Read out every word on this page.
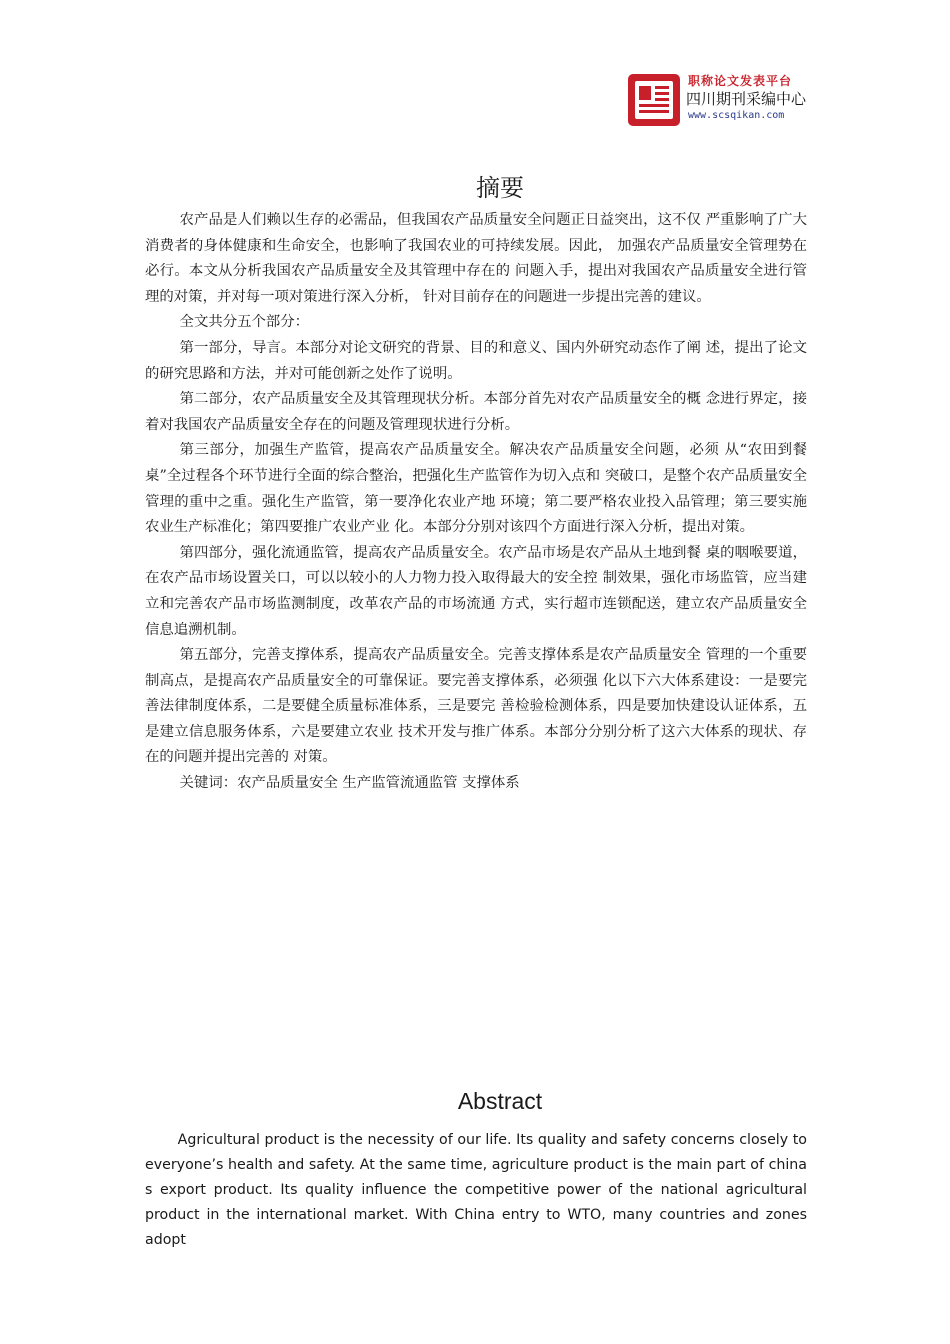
职称论文发表平台
四川期刊采编中心
www.scsqikan.com
摘要

农产品是人们赖以生存的必需品，但我国农产品质量安全问题正日益突出，这不仅 严重影响了广大消费者的身体健康和生命安全，也影响了我国农业的可持续发展。因此， 加强农产品质量安全管理势在必行。本文从分析我国农产品质量安全及其管理中存在的 问题入手，提出对我国农产品质量安全进行管理的对策，并对每一项对策进行深入分析， 针对目前存在的问题进一步提出完善的建议。

全文共分五个部分：

第一部分，导言。本部分对论文研究的背景、目的和意义、国内外研究动态作了阐 述，提出了论文的研究思路和方法，并对可能创新之处作了说明。

第二部分，农产品质量安全及其管理现状分析。本部分首先对农产品质量安全的概 念进行界定，接着对我国农产品质量安全存在的问题及管理现状进行分析。

第三部分，加强生产监管，提高农产品质量安全。解决农产品质量安全问题，必须 从“农田到餐桌”全过程各个环节进行全面的综合整治，把强化生产监管作为切入点和 突破口，是整个农产品质量安全管理的重中之重。强化生产监管，第一要净化农业产地 环境；第二要严格农业投入品管理；第三要实施农业生产标准化；第四要推广农业产业 化。本部分分别对该四个方面进行深入分析，提出对策。

第四部分，强化流通监管，提高农产品质量安全。农产品市场是农产品从土地到餐 桌的咽喉要道，在农产品市场设置关口，可以以较小的人力物力投入取得最大的安全控 制效果，强化市场监管，应当建立和完善农产品市场监测制度，改革农产品的市场流通 方式，实行超市连锁配送，建立农产品质量安全信息追溯机制。

第五部分，完善支撑体系，提高农产品质量安全。完善支撑体系是农产品质量安全 管理的一个重要制高点，是提高农产品质量安全的可靠保证。要完善支撑体系，必须强 化以下六大体系建设：一是要完善法律制度体系，二是要健全质量标准体系，三是要完 善检验检测体系，四是要加快建设认证体系，五是建立信息服务体系，六是要建立农业 技术开发与推广体系。本部分分别分析了这六大体系的现状、存在的问题并提出完善的 对策。

关键词：农产品质量安全 生产监管流通监管 支撑体系

Abstract

Agricultural product is the necessity of our life. Its quality and safety concerns closely to everyone’s health and safety. At the same time, agriculture product is the main part of china s export product. Its quality influence the competitive power of the national agricultural product in the international market. With China entry to WTO, many countries and zones adopt
